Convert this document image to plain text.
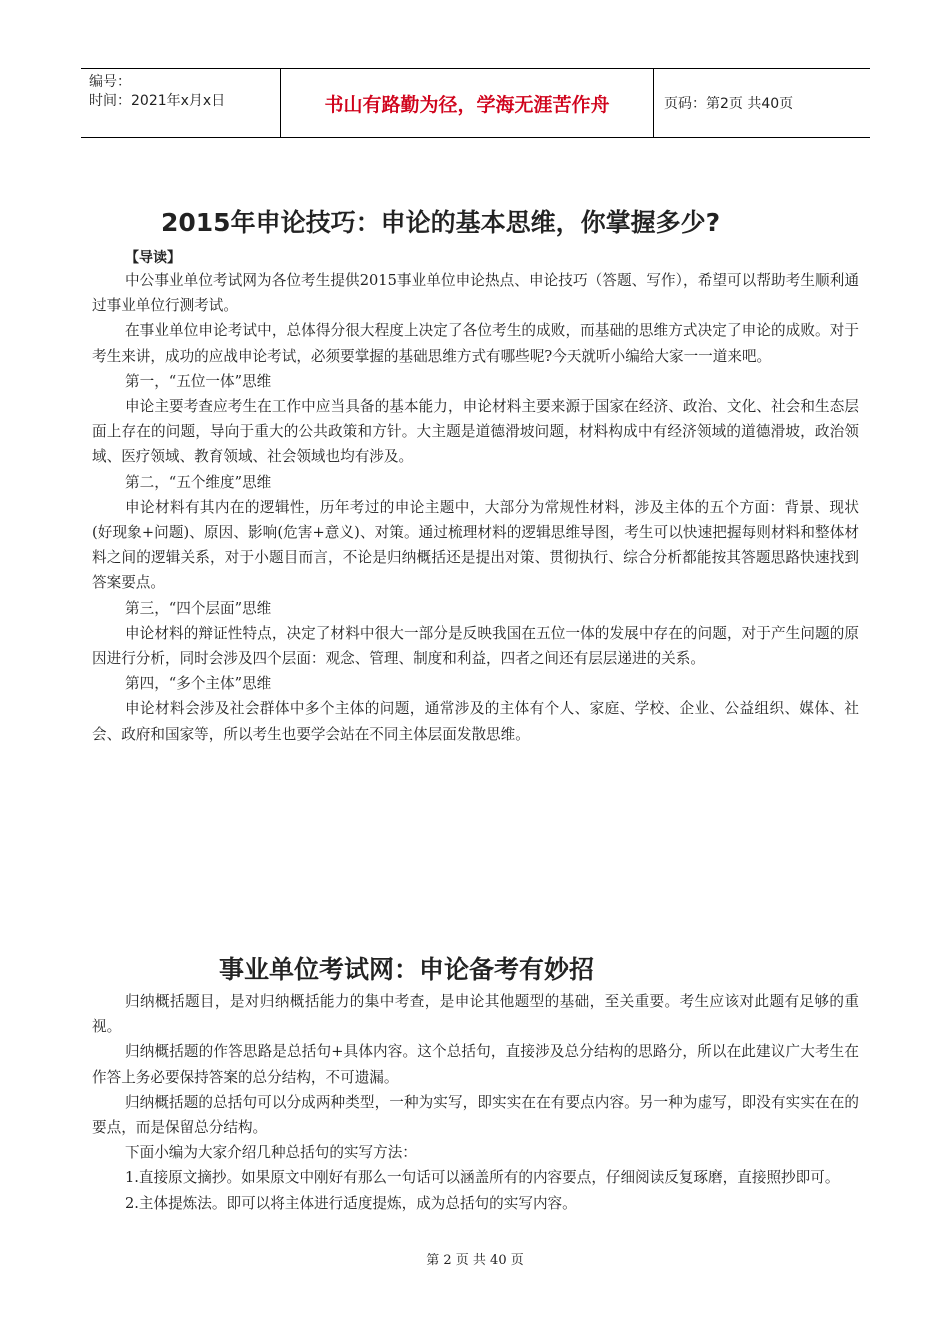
编号：
时间：2021年x月x日	书山有路勤为径，学海无涯苦作舟	页码：第2页 共40页
2015年申论技巧：申论的基本思维，你掌握多少?
【导读】

中公事业单位考试网为各位考生提供2015事业单位申论热点、申论技巧（答题、写作），希望可以帮助考生顺利通过事业单位行测考试。

在事业单位申论考试中，总体得分很大程度上决定了各位考生的成败，而基础的思维方式决定了申论的成败。对于考生来讲，成功的应战申论考试，必须要掌握的基础思维方式有哪些呢?今天就听小编给大家一一道来吧。

第一，“五位一体”思维

申论主要考查应考生在工作中应当具备的基本能力，申论材料主要来源于国家在经济、政治、文化、社会和生态层面上存在的问题，导向于重大的公共政策和方针。大主题是道德滑坡问题，材料构成中有经济领域的道德滑坡，政治领域、医疗领域、教育领域、社会领域也均有涉及。

第二，“五个维度”思维

申论材料有其内在的逻辑性，历年考过的申论主题中，大部分为常规性材料，涉及主体的五个方面：背景、现状(好现象+问题)、原因、影响(危害+意义)、对策。通过梳理材料的逻辑思维导图，考生可以快速把握每则材料和整体材料之间的逻辑关系，对于小题目而言，不论是归纳概括还是提出对策、贯彻执行、综合分析都能按其答题思路快速找到答案要点。

第三，“四个层面”思维

申论材料的辩证性特点，决定了材料中很大一部分是反映我国在五位一体的发展中存在的问题，对于产生问题的原因进行分析，同时会涉及四个层面：观念、管理、制度和利益，四者之间还有层层递进的关系。

第四，“多个主体”思维

申论材料会涉及社会群体中多个主体的问题，通常涉及的主体有个人、家庭、学校、企业、公益组织、媒体、社会、政府和国家等，所以考生也要学会站在不同主体层面发散思维。

事业单位考试网：申论备考有妙招

归纳概括题目，是对归纳概括能力的集中考查，是申论其他题型的基础，至关重要。考生应该对此题有足够的重视。

归纳概括题的作答思路是总括句+具体内容。这个总括句，直接涉及总分结构的思路分，所以在此建议广大考生在作答上务必要保持答案的总分结构，不可遗漏。

归纳概括题的总括句可以分成两种类型，一种为实写，即实实在在有要点内容。另一种为虚写，即没有实实在在的要点，而是保留总分结构。

下面小编为大家介绍几种总括句的实写方法：

1.直接原文摘抄。如果原文中刚好有那么一句话可以涵盖所有的内容要点，仔细阅读反复琢磨，直接照抄即可。

2.主体提炼法。即可以将主体进行适度提炼，成为总括句的实写内容。

第 2 页 共 40 页
